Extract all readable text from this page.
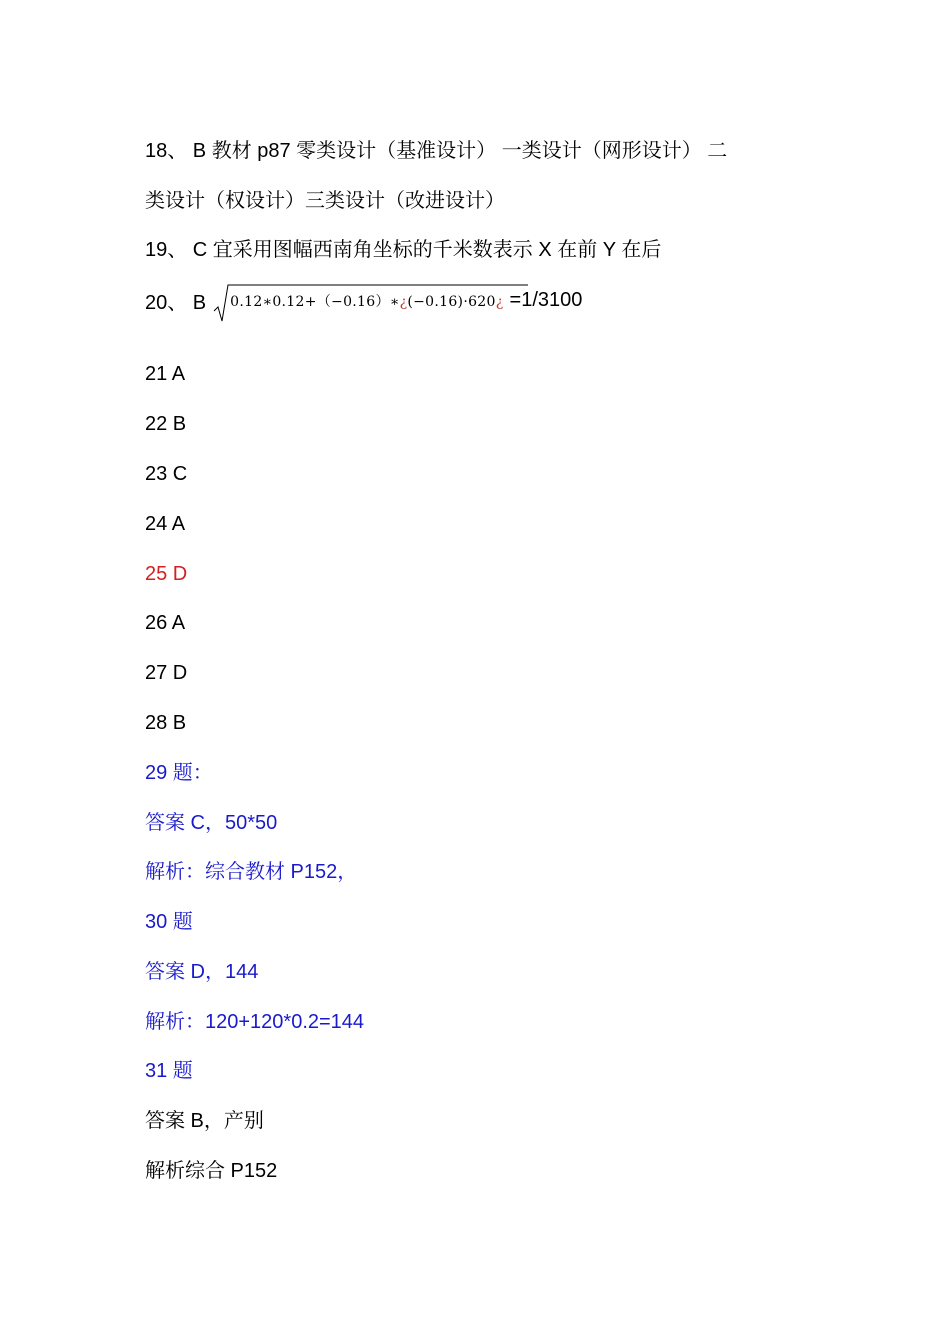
18、 B 教材 p87 零类设计（基准设计） 一类设计（网形设计） 二
类设计（权设计）三类设计（改进设计）
19、 C 宜采用图幅西南角坐标的千米数表示 X 在前 Y 在后
20、 B	0.12∗0.12+（−0.16）∗¿(−0.16)·620¿ =1/3100
21 A
22 B
23 C
24 A
25 D
26 A
27 D
28 B
29 题：
答案 C，50*50
解析：综合教材 P152，
30 题
答案 D，144
解析：120+120*0.2=144
31 题
答案 B，产别
解析综合 P152
